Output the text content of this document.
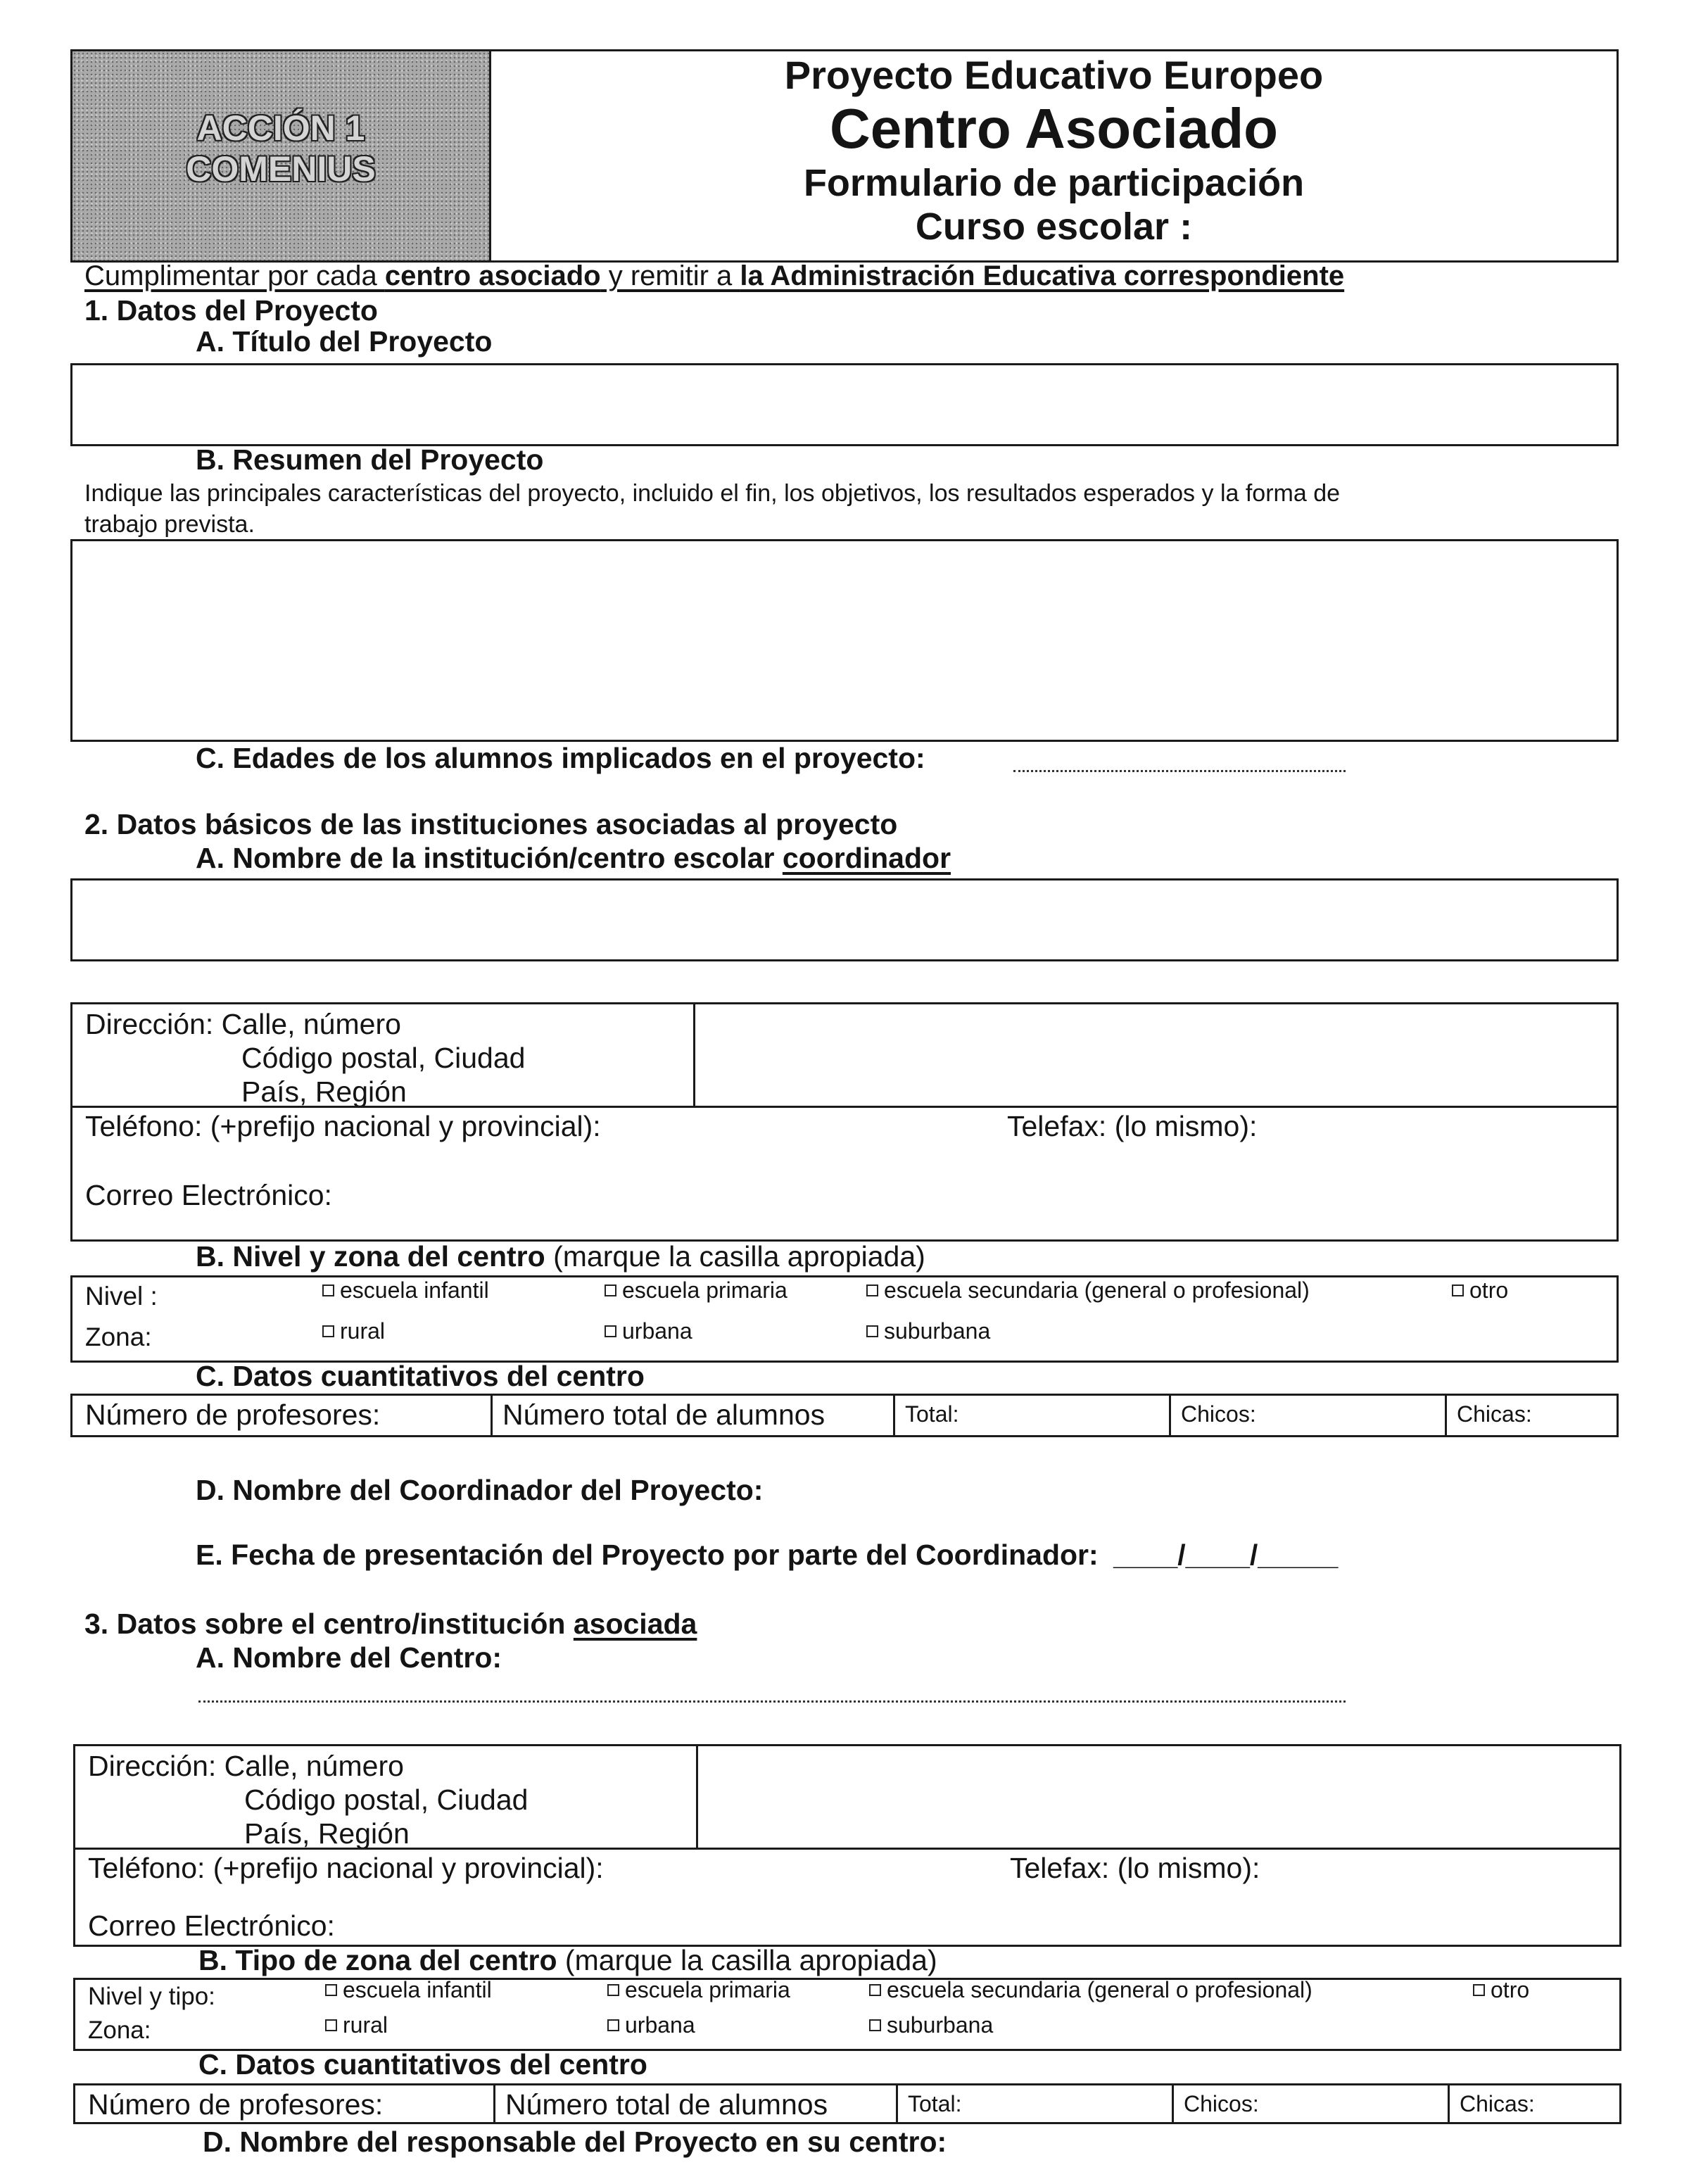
ACCIÓN 1
COMENIUS
Proyecto Educativo Europeo
Centro Asociado
Formulario de participación
Curso escolar :
Cumplimentar por cada centro asociado y remitir a la Administración Educativa correspondiente
1. Datos del Proyecto
A. Título del Proyecto
B. Resumen del Proyecto
Indique las principales características del proyecto, incluido el fin, los objetivos, los resultados esperados y la forma de
trabajo prevista.
C. Edades de los alumnos implicados en el proyecto:
2. Datos básicos de las instituciones asociadas al proyecto
A. Nombre de la institución/centro escolar coordinador
Dirección: Calle, número
Código postal, Ciudad
País, Región
Teléfono: (+prefijo nacional y provincial):	Telefax: (lo mismo):
Correo Electrónico:
B. Nivel y zona del centro (marque la casilla apropiada)
Nivel :	escuela infantil	escuela primaria	escuela secundaria (general o profesional)	otro
Zona:	rural	urbana	suburbana
C. Datos cuantitativos del centro
Número de profesores:	Número total de alumnos	Total:	Chicos:	Chicas:
D. Nombre del Coordinador del Proyecto:
E. Fecha de presentación del Proyecto por parte del Coordinador: ____/____/_____
3. Datos sobre el centro/institución asociada
A. Nombre del Centro:
Dirección: Calle, número
Código postal, Ciudad
País, Región
Teléfono: (+prefijo nacional y provincial):	Telefax: (lo mismo):
Correo Electrónico:
B. Tipo de zona del centro (marque la casilla apropiada)
Nivel y tipo:	escuela infantil	escuela primaria	escuela secundaria (general o profesional)	otro
Zona:	rural	urbana	suburbana
C. Datos cuantitativos del centro
Número de profesores:	Número total de alumnos	Total:	Chicos:	Chicas:
D. Nombre del responsable del Proyecto en su centro:
